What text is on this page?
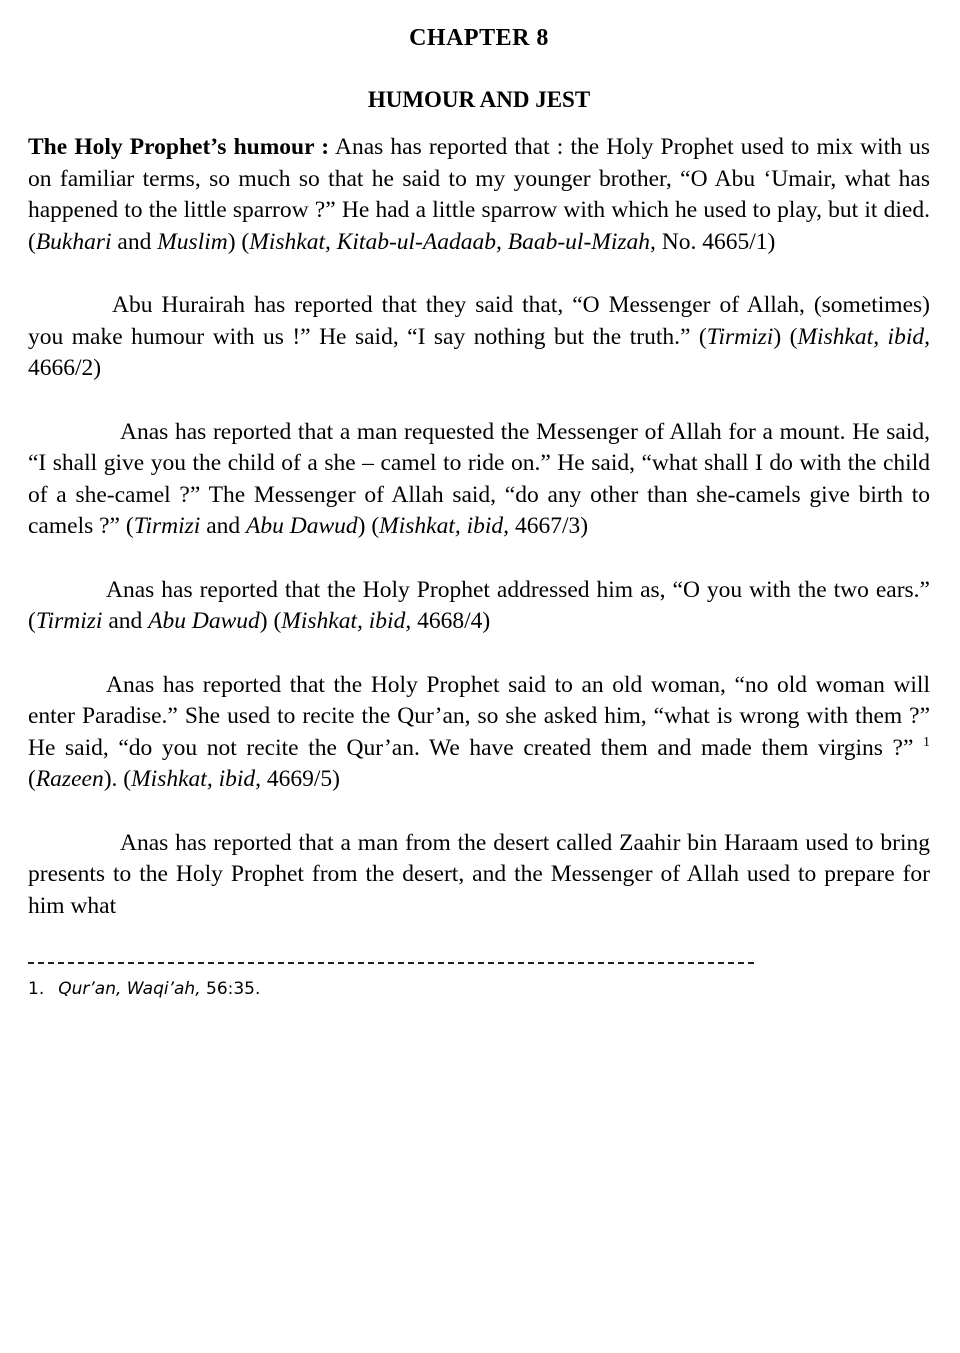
CHAPTER 8
HUMOUR AND JEST

The Holy Prophet’s humour : Anas has reported that : the Holy Prophet used to mix with us on familiar terms, so much so that he said to my younger brother, “O Abu ‘Umair, what has happened to the little sparrow ?” He had a little sparrow with which he used to play, but it died. (Bukhari and Muslim) (Mishkat, Kitab-ul-Aadaab, Baab-ul-Mizah, No. 4665/1)

Abu Hurairah has reported that they said that, “O Messenger of Allah, (sometimes) you make humour with us !” He said, “I say nothing but the truth.” (Tirmizi) (Mishkat, ibid, 4666/2)

Anas has reported that a man requested the Messenger of Allah for a mount. He said, “I shall give you the child of a she – camel to ride on.” He said, “what shall I do with the child of a she-camel ?” The Messenger of Allah said, “do any other than she-camels give birth to camels ?” (Tirmizi and Abu Dawud) (Mishkat, ibid, 4667/3)

Anas has reported that the Holy Prophet addressed him as, “O you with the two ears.” (Tirmizi and Abu Dawud) (Mishkat, ibid, 4668/4)

Anas has reported that the Holy Prophet said to an old woman, “no old woman will enter Paradise.” She used to recite the Qur’an, so she asked him, “what is wrong with them ?” He said, “do you not recite the Qur’an. We have created them and made them virgins ?” $^1$ (Razeen). (Mishkat, ibid, 4669/5)

Anas has reported that a man from the desert called Zaahir bin Haraam used to bring presents to the Holy Prophet from the desert, and the Messenger of Allah used to prepare for him what

1. Qur’an, Waqi’ah, 56:35.
